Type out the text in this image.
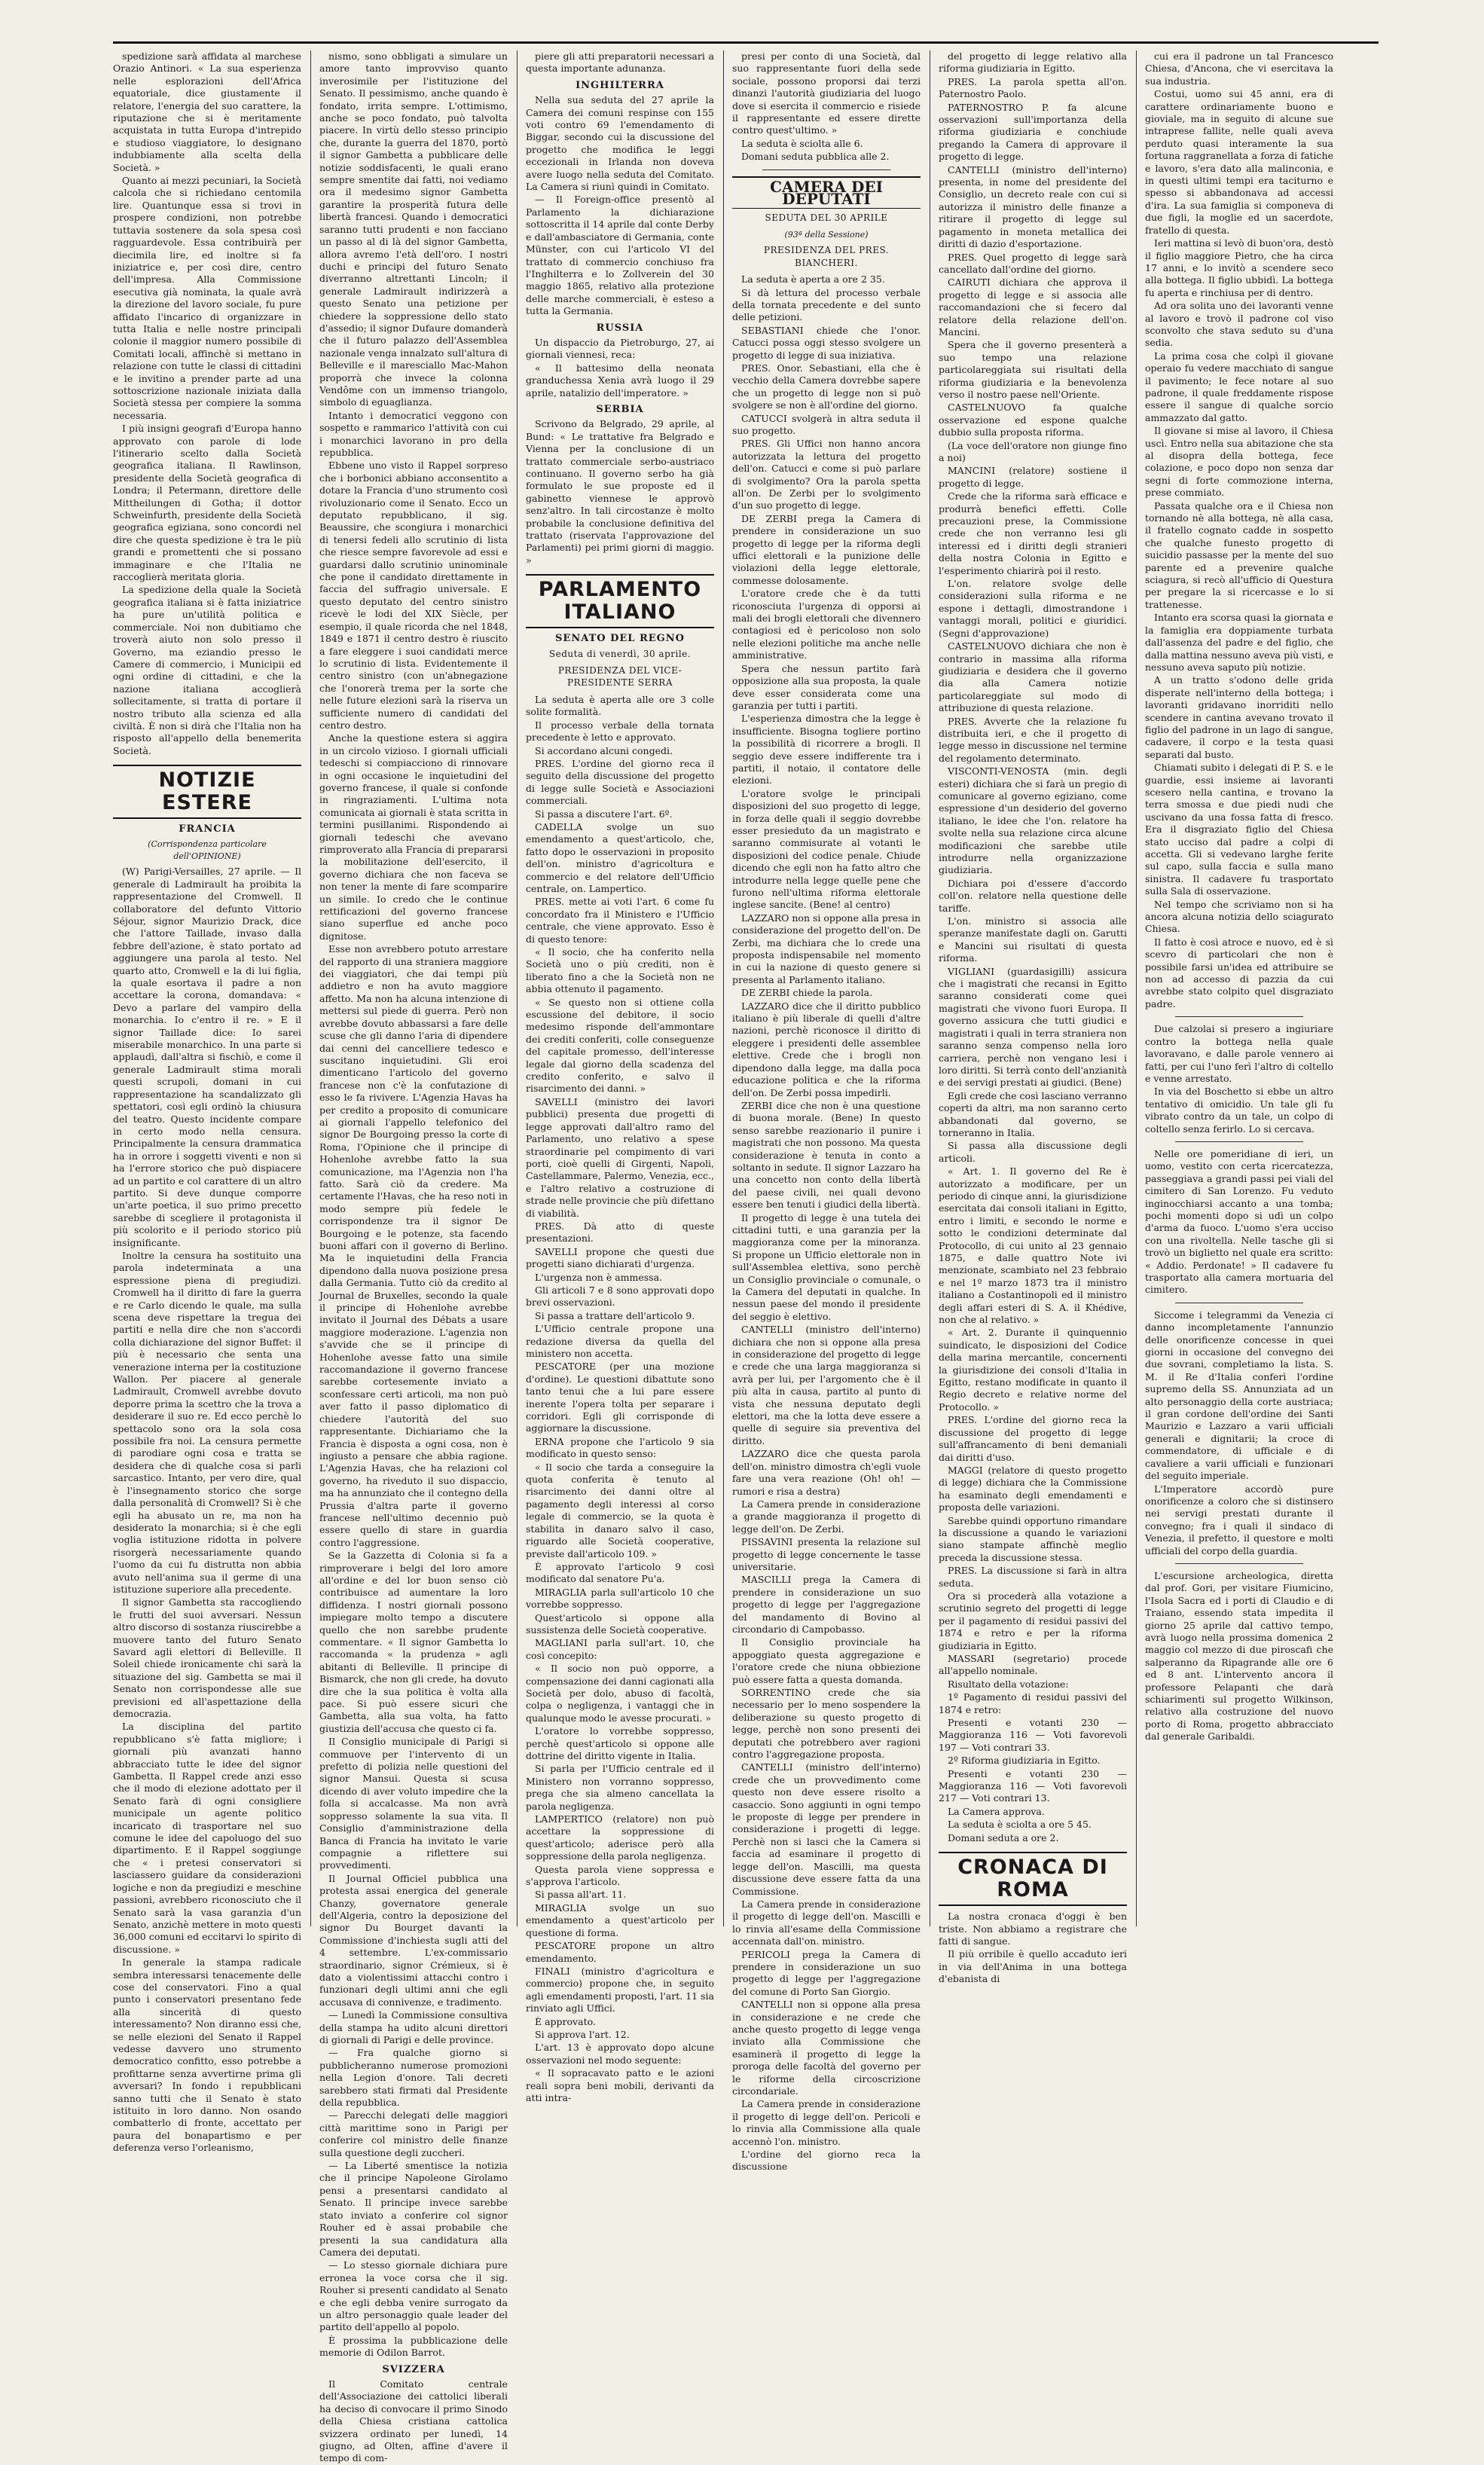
spedizione sarà affidata al marchese Orazio Antinori. « La sua esperienza nelle esplorazioni dell'Africa equatoriale, dice giustamente il relatore, l'energia del suo carattere, la riputazione che si è meritamente acquistata in tutta Europa d'intrepido e studioso viaggiatore, lo designano indubbiamente alla scelta della Società. »

Quanto ai mezzi pecuniari, la Società calcola che si richiedano centomila lire. Quantunque essa si trovi in prospere condizioni, non potrebbe tuttavia sostenere da sola spesa così ragguardevole. Essa contribuirà per diecimila lire, ed inoltre si fa iniziatrice e, per così dire, centro dell'impresa. Alla Commissione esecutiva già nominata, la quale avrà la direzione del lavoro sociale, fu pure affidato l'incarico di organizzare in tutta Italia e nelle nostre principali colonie il maggior numero possibile di Comitati locali, affinchè si mettano in relazione con tutte le classi di cittadini e le invitino a prender parte ad una sottoscrizione nazionale iniziata dalla Società stessa per compiere la somma necessaria.

I più insigni geografi d'Europa hanno approvato con parole di lode l'itinerario scelto dalla Società geografica italiana. Il Rawlinson, presidente della Società geografica di Londra; il Petermann, direttore delle Mittheilungen di Gotha; il dottor Schweinfurth, presidente della Società geografica egiziana, sono concordi nel dire che questa spedizione è tra le più grandi e promettenti che si possano immaginare e che l'Italia ne raccoglierà meritata gloria.

La spedizione della quale la Società geografica italiana si è fatta iniziatrice ha pure un'utilità politica e commerciale. Noi non dubitiamo che troverà aiuto non solo presso il Governo, ma eziandio presso le Camere di commercio, i Municipii ed ogni ordine di cittadini, e che la nazione italiana accoglierà sollecitamente, si tratta di portare il nostro tributo alla scienza ed alla civiltà. È non si dirà che l'Italia non ha risposto all'appello della benemerita Società.

NOTIZIE ESTERE
FRANCIA
(Corrispondenza particolare dell'OPINIONE)

(W) Parigi-Versailles, 27 aprile. — Il generale di Ladmirault ha proibita la rappresentazione del Cromwell. Il collaboratore del defunto Vittorio Séjour, signor Maurizio Drack, dice che l'attore Taillade, invaso dalla febbre dell'azione, è stato portato ad aggiungere una parola al testo. Nel quarto atto, Cromwell e la di lui figlia, la quale esortava il padre a non accettare la corona, domandava: « Devo a parlare del vampiro della monarchia. Io c'entro il re. » E il signor Taillade dice: Io sarei miserabile monarchico. In una parte si applaudì, dall'altra si fischiò, e come il generale Ladmirault stima morali questi scrupoli, domani in cui rappresentazione ha scandalizzato gli spettatori, così egli ordinò la chiusura del teatro. Questo incidente compare in certo modo nella censura. Principalmente la censura drammatica ha in orrore i soggetti viventi e non si ha l'errore storico che può dispiacere ad un partito e col carattere di un altro partito. Si deve dunque comporre un'arte poetica, il suo primo precetto sarebbe di scegliere il protagonista il più scolorito e il periodo storico più insignificante.

Inoltre la censura ha sostituito una parola indeterminata a una espressione piena di pregiudizi. Cromwell ha il diritto di fare la guerra e re Carlo dicendo le quale, ma sulla scena deve rispettare la tregua dei partiti e nella dire che non s'accordi colla dichiarazione del signor Buffet: il più è necessario che senta una venerazione interna per la costituzione Wallon. Per piacere al generale Ladmirault, Cromwell avrebbe dovuto deporre prima la scettro che la trova a desiderare il suo re. Ed ecco perchè lo spettacolo sono ora la sola cosa possibile fra noi. La censura permette di parodiare ogni cosa e tratta se desidera che di qualche cosa si parli sarcastico. Intanto, per vero dire, qual è l'insegnamento storico che sorge dalla personalità di Cromwell? Si è che egli ha abusato un re, ma non ha desiderato la monarchia; si è che egli voglia istituzione ridotta in polvere risorgerà necessariamente quando l'uomo da cui fu distrutta non abbia avuto nell'anima sua il germe di una istituzione superiore alla precedente.

Il signor Gambetta sta raccogliendo le frutti del suoi avversari. Nessun altro discorso di sostanza riuscirebbe a muovere tanto del futuro Senato Savard agli elettori di Belleville. Il Soleil chiede ironicamente chi sarà la situazione del sig. Gambetta se mai il Senato non corrispondesse alle sue previsioni ed all'aspettazione della democrazia.

La disciplina del partito repubblicano s'è fatta migliore; i giornali più avanzati hanno abbracciato tutte le idee del signor Gambetta. Il Rappel crede anzi esso che il modo di elezione adottato per il Senato farà di ogni consigliere municipale un agente politico incaricato di trasportare nel suo comune le idee del capoluogo del suo dipartimento. E il Rappel soggiunge che « i pretesi conservatori si lasciassero guidare da considerazioni logiche e non da pregiudizi e meschine passioni, avrebbero riconosciuto che il Senato sarà la vasa garanzia d'un Senato, anzichè mettere in moto questi 36,000 comuni ed eccitarvi lo spirito di discussione. »

In generale la stampa radicale sembra interessarsi tenacemente delle cose del conservatori. Fino a qual punto i conservatori presentano fede alla sincerità di questo interessamento? Non diranno essi che, se nelle elezioni del Senato il Rappel vedesse davvero uno strumento democratico confitto, esso potrebbe a profittarne senza avvertirne prima gli avversari? In fondo i repubblicani sanno tutti che il Senato è stato istituito in loro danno. Non osando combatterlo di fronte, accettato per paura del bonapartismo e per deferenza verso l'orleanismo,

nismo, sono obbligati a simulare un amore tanto improvviso quanto inverosimile per l'istituzione del Senato. Il pessimismo, anche quando è fondato, irrita sempre. L'ottimismo, anche se poco fondato, può talvolta piacere. In virtù dello stesso principio che, durante la guerra del 1870, portò il signor Gambetta a pubblicare delle notizie soddisfacenti, le quali erano sempre smentite dai fatti, noi vediamo ora il medesimo signor Gambetta garantire la prosperità futura delle libertà francesi. Quando i democratici saranno tutti prudenti e non facciano un passo al di là del signor Gambetta, allora avremo l'età dell'oro. I nostri duchi e principi del futuro Senato diverranno altrettanti Lincoln; il generale Ladmirault indirizzerà a questo Senato una petizione per chiedere la soppressione dello stato d'assedio; il signor Dufaure domanderà che il futuro palazzo dell'Assemblea nazionale venga innalzato sull'altura di Belleville e il maresciallo Mac-Mahon proporrà che invece la colonna Vendôme con un immenso triangolo, simbolo di eguaglianza.

Intanto i democratici veggono con sospetto e rammarico l'attività con cui i monarchici lavorano in pro della repubblica.

Ebbene uno visto il Rappel sorpreso che i borbonici abbiano acconsentito a dotare la Francia d'uno strumento così rivoluzionario come il Senato. Ecco un deputato repubblicano, il sig. Beaussire, che scongiura i monarchici di tenersi fedeli allo scrutinio di lista che riesce sempre favorevole ad essi e guardarsi dallo scrutinio uninominale che pone il candidato direttamente in faccia del suffragio universale. E questo deputato del centro sinistro ricevè le lodi del XIX Siècle, per esempio, il quale ricorda che nel 1848, 1849 e 1871 il centro destro è riuscito a fare eleggere i suoi candidati merce lo scrutinio di lista. Evidentemente il centro sinistro (con un'abnegazione che l'onorerà trema per la sorte che nelle future elezioni sarà la riserva un sufficiente numero di candidati del centro destro.

Anche la questione estera si aggira in un circolo vizioso. I giornali ufficiali tedeschi si compiacciono di rinnovare in ogni occasione le inquietudini del governo francese, il quale si confonde in ringraziamenti. L'ultima nota comunicata ai giornali è stata scritta in termini pusillanimi. Rispondendo ai giornali tedeschi che avevano rimproverato alla Francia di prepararsi la mobilitazione dell'esercito, il governo dichiara che non faceva se non tener la mente di fare scomparire un simile. Io credo che le continue rettificazioni del governo francese siano superflue ed anche poco dignitose.

Esse non avrebbero potuto arrestare del rapporto di una straniera maggiore dei viaggiatori, che dai tempi più addietro e non ha avuto maggiore affetto. Ma non ha alcuna intenzione di mettersi sul piede di guerra. Però non avrebbe dovuto abbassarsi a fare delle scuse che gli danno l'aria di dipendere dai cenni del cancelliere tedesco e suscitano inquietudini. Gli eroi dimenticano l'articolo del governo francese non c'è la confutazione di esso le fa rivivere. L'Agenzia Havas ha per credito a proposito di comunicare ai giornali l'appello telefonico del signor De Bourgoing presso la corte di Roma, l'Opinione che il principe di Hohenlohe avrebbe fatto la sua comunicazione, ma l'Agenzia non l'ha fatto. Sarà ciò da credere. Ma certamente l'Havas, che ha reso noti in modo sempre più fedele le corrispondenze tra il signor De Bourgoing e le potenze, sta facendo buoni affari con il governo di Berlino. Ma le inquietudini della Francia dipendono dalla nuova posizione presa dalla Germania. Tutto ciò da credito al Journal de Bruxelles, secondo la quale il principe di Hohenlohe avrebbe invitato il Journal des Débats a usare maggiore moderazione. L'agenzia non s'avvide che se il principe di Hohenlohe avesse fatto una simile raccomandazione il governo francese sarebbe cortesemente inviato a sconfessare certi articoli, ma non può aver fatto il passo diplomatico di chiedere l'autorità del suo rappresentante. Dichiariamo che la Francia è disposta a ogni cosa, non è ingiusto a pensare che abbia ragione. L'Agenzia Havas, che ha relazioni col governo, ha riveduto il suo dispaccio, ma ha annunziato che il contegno della Prussia d'altra parte il governo francese nell'ultimo decennio può essere quello di stare in guardia contro l'aggressione.

Se la Gazzetta di Colonia si fa a rimproverare i belgi del loro amore all'ordine e del lor buon senso ciò contribuisce ad aumentare la loro diffidenza. I nostri giornali possono impiegare molto tempo a discutere quello che non sarebbe prudente commentare. « Il signor Gambetta lo raccomanda « la prudenza » agli abitanti di Belleville. Il principe di Bismarck, che non gli crede, ha dovuto dire che la sua politica è volta alla pace. Si può essere sicuri che Gambetta, alla sua volta, ha fatto giustizia dell'accusa che questo ci fa.

Il Consiglio municipale di Parigi si commuove per l'intervento di un prefetto di polizia nelle questioni del signor Mansui. Questa si scusa dicendo di aver voluto impedire che la folla si accalcasse. Ma non avrà soppresso solamente la sua vita. Il Consiglio d'amministrazione della Banca di Francia ha invitato le varie compagnie a riflettere sui provvedimenti.

Il Journal Officiel pubblica una protesta assai energica del generale Chanzy, governatore generale dell'Algeria, contro la deposizione del signor Du Bourget davanti la Commissione d'inchiesta sugli atti del 4 settembre. L'ex-commissario straordinario, signor Crémieux, si è dato a violentissimi attacchi contro i funzionari degli ultimi anni che egli accusava di connivenze, e tradimento.

— Lunedì la Commissione consultiva della stampa ha udito alcuni direttori di giornali di Parigi e delle province.

— Fra qualche giorno si pubblicheranno numerose promozioni nella Legion d'onore. Tali decreti sarebbero stati firmati dal Presidente della repubblica.

— Parecchi delegati delle maggiori città marittime sono in Parigi per conferire col ministro delle finanze sulla questione degli zuccheri.

— La Liberté smentisce la notizia che il principe Napoleone Girolamo pensi a presentarsi candidato al Senato. Il principe invece sarebbe stato inviato a conferire col signor Rouher ed è assai probabile che presenti la sua candidatura alla Camera dei deputati.

— Lo stesso giornale dichiara pure erronea la voce corsa che il sig. Rouher si presenti candidato al Senato e che egli debba venire surrogato da un altro personaggio quale leader del partito dell'appello al popolo.

È prossima la pubblicazione delle memorie di Odilon Barrot.

SVIZZERA

Il Comitato centrale dell'Associazione dei cattolici liberali ha deciso di convocare il primo Sinodo della Chiesa cristiana cattolica svizzera ordinato per lunedì, 14 giugno, ad Olten, affine d'avere il tempo di com-

piere gli atti preparatorii necessari a questa importante adunanza.

INGHILTERRA

Nella sua seduta del 27 aprile la Camera dei comuni respinse con 155 voti contro 69 l'emendamento di Biggar, secondo cui la discussione del progetto che modifica le leggi eccezionali in Irlanda non doveva avere luogo nella seduta del Comitato. La Camera si riunì quindi in Comitato.

— Il Foreign-office presentò al Parlamento la dichiarazione sottoscritta il 14 aprile dal conte Derby e dall'ambasciatore di Germania, conte Münster, con cui l'articolo VI del trattato di commercio conchiuso fra l'Inghilterra e lo Zollverein del 30 maggio 1865, relativo alla protezione delle marche commerciali, è esteso a tutta la Germania.

RUSSIA

Un dispaccio da Pietroburgo, 27, ai giornali viennesi, reca:

« Il battesimo della neonata granduchessa Xenia avrà luogo il 29 aprile, natalizio dell'imperatore. »

SERBIA

Scrivono da Belgrado, 29 aprile, al Bund: « Le trattative fra Belgrado e Vienna per la conclusione di un trattato commerciale serbo-austriaco continuano. Il governo serbo ha già formulato le sue proposte ed il gabinetto viennese le approvò senz'altro. In tali circostanze è molto probabile la conclusione definitiva del trattato (riservata l'approvazione del Parlamenti) pei primi giorni di maggio. »

PARLAMENTO ITALIANO
SENATO DEL REGNO
Seduta di venerdì, 30 aprile.
PRESIDENZA DEL VICE-PRESIDENTE SERRA

La seduta è aperta alle ore 3 colle solite formalità.

Il processo verbale della tornata precedente è letto e approvato.

Si accordano alcuni congedi.

PRES. L'ordine del giorno reca il seguito della discussione del progetto di legge sulle Società e Associazioni commerciali.

Si passa a discutere l'art. 6º.

CADELLA svolge un suo emendamento a quest'articolo, che, fatto dopo le osservazioni in proposito dell'on. ministro d'agricoltura e commercio e del relatore dell'Ufficio centrale, on. Lampertico.

PRES. mette ai voti l'art. 6 come fu concordato fra il Ministero e l'Ufficio centrale, che viene approvato. Esso è di questo tenore:

« Il socio, che ha conferito nella Società uno o più crediti, non è liberato fino a che la Società non ne abbia ottenuto il pagamento.

« Se questo non si ottiene colla escussione del debitore, il socio medesimo risponde dell'ammontare dei crediti conferiti, colle conseguenze del capitale promesso, dell'interesse legale dal giorno della scadenza del credito conferito, e salvo il risarcimento dei danni. »

SAVELLI (ministro dei lavori pubblici) presenta due progetti di legge approvati dall'altro ramo del Parlamento, uno relativo a spese straordinarie pel compimento di vari porti, cioè quelli di Girgenti, Napoli, Castellammare, Palermo, Venezia, ecc., e l'altro relativo a costruzione di strade nelle provincie che più difettano di viabilità.

PRES. Dà atto di queste presentazioni.

SAVELLI propone che questi due progetti siano dichiarati d'urgenza.

L'urgenza non è ammessa.

Gli articoli 7 e 8 sono approvati dopo brevi osservazioni.

Si passa a trattare dell'articolo 9.

L'Ufficio centrale propone una redazione diversa da quella del ministero non accetta.

PESCATORE (per una mozione d'ordine). Le questioni dibattute sono tanto tenui che a lui pare essere inerente l'opera tolta per separare i corridori. Egli gli corrisponde di aggiornare la discussione.

ERNA propone che l'articolo 9 sia modificato in questo senso:

« Il socio che tarda a conseguire la quota conferita è tenuto al risarcimento dei danni oltre al pagamento degli interessi al corso legale di commercio, se la quota è stabilita in danaro salvo il caso, riguardo alle Società cooperative, previste dall'articolo 109. »

È approvato l'articolo 9 così modificato dal senatore Pu'a.

MIRAGLIA parla sull'articolo 10 che vorrebbe soppresso.

Quest'articolo si oppone alla sussistenza delle Società cooperative.

MAGLIANI parla sull'art. 10, che così concepito:

« Il socio non può opporre, a compensazione dei danni cagionati alla Società per dolo, abuso di facoltà, colpa o negligenza, i vantaggi che in qualunque modo le avesse procurati. »

L'oratore lo vorrebbe soppresso, perchè quest'articolo si oppone alle dottrine del diritto vigente in Italia.

Si parla per l'Ufficio centrale ed il Ministero non vorranno soppresso, prega che sia almeno cancellata la parola negligenza.

LAMPERTICO (relatore) non può accettare la soppressione di quest'articolo; aderisce però alla soppressione della parola negligenza.

Questa parola viene soppressa e s'approva l'articolo.

Si passa all'art. 11.

MIRAGLIA svolge un suo emendamento a quest'articolo per questione di forma.

PESCATORE propone un altro emendamento.

FINALI (ministro d'agricoltura e commercio) propone che, in seguito agli emendamenti proposti, l'art. 11 sia rinviato agli Uffici.

È approvato.

Si approva l'art. 12.

L'art. 13 è approvato dopo alcune osservazioni nel modo seguente:

« Il sopracavato patto e le azioni reali sopra beni mobili, derivanti da atti intra-

presi per conto di una Società, dal suo rappresentante fuori della sede sociale, possono proporsi dai terzi dinanzi l'autorità giudiziaria del luogo dove si esercita il commercio e risiede il rappresentante ed essere dirette contro quest'ultimo. »

La seduta è sciolta alle 6.

Domani seduta pubblica alle 2.

CAMERA DEI DEPUTATI
SEDUTA DEL 30 APRILE
(93ª della Sessione)
PRESIDENZA DEL PRES. BIANCHERI.

La seduta è aperta a ore 2 35.

Si dà lettura del processo verbale della tornata precedente e del sunto delle petizioni.

SEBASTIANI chiede che l'onor. Catucci possa oggi stesso svolgere un progetto di legge di sua iniziativa.

PRES. Onor. Sebastiani, ella che è vecchio della Camera dovrebbe sapere che un progetto di legge non si può svolgere se non è all'ordine del giorno.

CATUCCI svolgerà in altra seduta il suo progetto.

PRES. Gli Uffici non hanno ancora autorizzata la lettura del progetto dell'on. Catucci e come si può parlare di svolgimento? Ora la parola spetta all'on. De Zerbi per lo svolgimento d'un suo progetto di legge.

DE ZERBI prega la Camera di prendere in considerazione un suo progetto di legge per la riforma degli uffici elettorali e la punizione delle violazioni della legge elettorale, commesse dolosamente.

L'oratore crede che è da tutti riconosciuta l'urgenza di opporsi ai mali dei brogli elettorali che divennero contagiosi ed è pericoloso non solo nelle elezioni politiche ma anche nelle amministrative.

Spera che nessun partito farà opposizione alla sua proposta, la quale deve esser considerata come una garanzia per tutti i partiti.

L'esperienza dimostra che la legge è insufficiente. Bisogna togliere portino la possibilità di ricorrere a brogli. Il seggio deve essere indifferente tra i partiti, il notaio, il contatore delle elezioni.

L'oratore svolge le principali disposizioni del suo progetto di legge, in forza delle quali il seggio dovrebbe esser presieduto da un magistrato e saranno commisurate al votanti le disposizioni del codice penale. Chiude dicendo che egli non ha fatto altro che introdurre nella legge quelle pene che furono nell'ultima riforma elettorale inglese sancite. (Bene! al centro)

LAZZARO non si oppone alla presa in considerazione del progetto dell'on. De Zerbi, ma dichiara che lo crede una proposta indispensabile nel momento in cui la nazione di questo genere si presenta al Parlamento italiano.

DE ZERBI chiede la parola.

LAZZARO dice che il diritto pubblico italiano è più liberale di quelli d'altre nazioni, perchè riconosce il diritto di eleggere i presidenti delle assemblee elettive. Crede che i brogli non dipendono dalla legge, ma dalla poca educazione politica e che la riforma dell'on. De Zerbi possa impedirli.

ZERBI dice che non è una questione di buona morale. (Bene) In questo senso sarebbe reazionario il punire i magistrati che non possono. Ma questa considerazione è tenuta in conto a soltanto in sedute. Il signor Lazzaro ha una concetto non conto della libertà del paese civili, nei quali devono essere ben tenuti i giudici della libertà.

Il progetto di legge è una tutela dei cittadini tutti, e una garanzia per la maggioranza come per la minoranza. Si propone un Ufficio elettorale non in sull'Assemblea elettiva, sono perchè un Consiglio provinciale o comunale, o la Camera del deputati in qualche. In nessun paese del mondo il presidente del seggio è elettivo.

CANTELLI (ministro dell'interno) dichiara che non si oppone alla presa in considerazione del progetto di legge e crede che una larga maggioranza si avrà per lui, per l'argomento che è il più alta in causa, partito al punto di vista che nessuna deputato degli elettori, ma che la lotta deve essere a quelle di seguire sia preventiva del diritto.

LAZZARO dice che questa parola dell'on. ministro dimostra ch'egli vuole fare una vera reazione (Oh! oh! — rumori e risa a destra)

La Camera prende in considerazione a grande maggioranza il progetto di legge dell'on. De Zerbi.

PISSAVINI presenta la relazione sul progetto di legge concernente le tasse universitarie.

MASCILLI prega la Camera di prendere in considerazione un suo progetto di legge per l'aggregazione del mandamento di Bovino al circondario di Campobasso.

Il Consiglio provinciale ha appoggiato questa aggregazione e l'oratore crede che niuna obbiezione può essere fatta a questa domanda.

SORRENTINO crede che sia necessario per lo meno sospendere la deliberazione su questo progetto di legge, perchè non sono presenti dei deputati che potrebbero aver ragioni contro l'aggregazione proposta.

CANTELLI (ministro dell'interno) crede che un provvedimento come questo non deve essere risolto a casaccio. Sono aggiunti in ogni tempo le proposte di legge per prendere in considerazione i progetti di legge. Perchè non si lasci che la Camera si faccia ad esaminare il progetto di legge dell'on. Mascilli, ma questa discussione deve essere fatta da una Commissione.

La Camera prende in considerazione il progetto di legge dell'on. Mascilli e lo rinvia all'esame della Commissione accennata dall'on. ministro.

PERICOLI prega la Camera di prendere in considerazione un suo progetto di legge per l'aggregazione del comune di Porto San Giorgio.

CANTELLI non si oppone alla presa in considerazione e ne crede che anche questo progetto di legge venga inviato alla Commissione che esaminerà il progetto di legge la proroga delle facoltà del governo per le riforme della circoscrizione circondariale.

La Camera prende in considerazione il progetto di legge dell'on. Pericoli e lo rinvia alla Commissione alla quale accennò l'on. ministro.

L'ordine del giorno reca la discussione

del progetto di legge relativo alla riforma giudiziaria in Egitto.

PRES. La parola spetta all'on. Paternostro Paolo.

PATERNOSTRO P. fa alcune osservazioni sull'importanza della riforma giudiziaria e conchiude pregando la Camera di approvare il progetto di legge.

CANTELLI (ministro dell'interno) presenta, in nome del presidente del Consiglio, un decreto reale con cui si autorizza il ministro delle finanze a ritirare il progetto di legge sul pagamento in moneta metallica dei diritti di dazio d'esportazione.

PRES. Quel progetto di legge sarà cancellato dall'ordine del giorno.

CAIRUTI dichiara che approva il progetto di legge e si associa alle raccomandazioni che si fecero dal relatore della relazione dell'on. Mancini.

Spera che il governo presenterà a suo tempo una relazione particolareggiata sui risultati della riforma giudiziaria e la benevolenza verso il nostro paese nell'Oriente.

CASTELNUOVO fa qualche osservazione ed espone qualche dubbio sulla proposta riforma.

(La voce dell'oratore non giunge fino a noi)

MANCINI (relatore) sostiene il progetto di legge.

Crede che la riforma sarà efficace e produrrà benefici effetti. Colle precauzioni prese, la Commissione crede che non verranno lesi gli interessi ed i diritti degli stranieri della nostra Colonia in Egitto e l'esperimento chiarirà poi il resto.

L'on. relatore svolge delle considerazioni sulla riforma e ne espone i dettagli, dimostrandone i vantaggi morali, politici e giuridici. (Segni d'approvazione)

CASTELNUOVO dichiara che non è contrario in massima alla riforma giudiziaria e desidera che il governo dia alla Camera notizie particolareggiate sul modo di attribuzione di questa relazione.

PRES. Avverte che la relazione fu distribuita ieri, e che il progetto di legge messo in discussione nel termine del regolamento determinato.

VISCONTI-VENOSTA (min. degli esteri) dichiara che si farà un pregio di comunicare al governo egiziano, come espressione d'un desiderio del governo italiano, le idee che l'on. relatore ha svolte nella sua relazione circa alcune modificazioni che sarebbe utile introdurre nella organizzazione giudiziaria.

Dichiara poi d'essere d'accordo coll'on. relatore nella questione delle tariffe.

L'on. ministro si associa alle speranze manifestate dagli on. Garutti e Mancini sui risultati di questa riforma.

VIGLIANI (guardasigilli) assicura che i magistrati che recansi in Egitto saranno considerati come quei magistrati che vivono fuori Europa. Il governo assicura che tutti giudici e magistrati i quali in terra straniera non saranno senza compenso nella loro carriera, perchè non vengano lesi i loro diritti. Si terrà conto dell'anzianità e dei servigi prestati ai giudici. (Bene)

Egli crede che così lasciano verranno coperti da altri, ma non saranno certo abbandonati dal governo, se torneranno in Italia.

Si passa alla discussione degli articoli.

« Art. 1. Il governo del Re è autorizzato a modificare, per un periodo di cinque anni, la giurisdizione esercitata dai consoli italiani in Egitto, entro i limiti, e secondo le norme e sotto le condizioni determinate dal Protocollo, di cui unito al 23 gennaio 1875, e dalle quattro Note ivi menzionate, scambiato nel 23 febbraio e nel 1º marzo 1873 tra il ministro italiano a Costantinopoli ed il ministro degli affari esteri di S. A. il Khédive, non che al relativo. »

« Art. 2. Durante il quinquennio suindicato, le disposizioni del Codice della marina mercantile, concernenti la giurisdizione dei consoli d'Italia in Egitto, restano modificate in quanto il Regio decreto e relative norme del Protocollo. »

PRES. L'ordine del giorno reca la discussione del progetto di legge sull'affrancamento di beni demaniali dai diritti d'uso.

MAGGI (relatore di questo progetto di legge) dichiara che la Commissione ha esaminato degli emendamenti e proposta delle variazioni.

Sarebbe quindi opportuno rimandare la discussione a quando le variazioni siano stampate affinchè meglio preceda la discussione stessa.

PRES. La discussione si farà in altra seduta.

Ora si procederà alla votazione a scrutinio segreto del progetti di legge per il pagamento di residui passivi del 1874 e retro e per la riforma giudiziaria in Egitto.

MASSARI (segretario) procede all'appello nominale.

Risultato della votazione:

1º Pagamento di residui passivi del 1874 e retro:

Presenti e votanti 230 — Maggioranza 116 — Voti favorevoli 197 — Voti contrari 33.

2º Riforma giudiziaria in Egitto.

Presenti e votanti 230 — Maggioranza 116 — Voti favorevoli 217 — Voti contrari 13.

La Camera approva.

La seduta è sciolta a ore 5 45.

Domani seduta a ore 2.

CRONACA DI ROMA

La nostra cronaca d'oggi è ben triste. Non abbiamo a registrare che fatti di sangue.

Il più orribile è quello accaduto ieri in via dell'Anima in una bottega d'ebanista di

cui era il padrone un tal Francesco Chiesa, d'Ancona, che vi esercitava la sua industria.

Costui, uomo sui 45 anni, era di carattere ordinariamente buono e gioviale, ma in seguito di alcune sue intraprese fallite, nelle quali aveva perduto quasi interamente la sua fortuna raggranellata a forza di fatiche e lavoro, s'era dato alla malinconia, e in questi ultimi tempi era taciturno e spesso si abbandonava ad accessi d'ira. La sua famiglia si componeva di due figli, la moglie ed un sacerdote, fratello di questa.

Ieri mattina si levò di buon'ora, destò il figlio maggiore Pietro, che ha circa 17 anni, e lo invitò a scendere seco alla bottega. Il figlio ubbidì. La bottega fu aperta e rinchiusa per di dentro.

Ad ora solita uno dei lavoranti venne al lavoro e trovò il padrone col viso sconvolto che stava seduto su d'una sedia.

La prima cosa che colpì il giovane operaio fu vedere macchiato di sangue il pavimento; le fece notare al suo padrone, il quale freddamente rispose essere il sangue di qualche sorcio ammazzato dal gatto.

Il giovane si mise al lavoro, il Chiesa uscì. Entro nella sua abitazione che sta al disopra della bottega, fece colazione, e poco dopo non senza dar segni di forte commozione interna, prese commiato.

Passata qualche ora e il Chiesa non tornando nè alla bottega, nè alla casa, il fratello cognato cadde in sospetto che qualche funesto progetto di suicidio passasse per la mente del suo parente ed a prevenire qualche sciagura, si recò all'ufficio di Questura per pregare la si ricercasse e lo si trattenesse.

Intanto era scorsa quasi la giornata e la famiglia era doppiamente turbata dall'assenza del padre e del figlio, che dalla mattina nessuno aveva più visti, e nessuno aveva saputo più notizie.

A un tratto s'odono delle grida disperate nell'interno della bottega; i lavoranti gridavano inorriditi nello scendere in cantina avevano trovato il figlio del padrone in un lago di sangue, cadavere, il corpo e la testa quasi separati dal busto.

Chiamati subito i delegati di P. S. e le guardie, essi insieme ai lavoranti scesero nella cantina, e trovano la terra smossa e due piedi nudi che uscivano da una fossa fatta di fresco. Era il disgraziato figlio del Chiesa stato ucciso dal padre a colpi di accetta. Gli si vedevano larghe ferite sul capo, sulla faccia e sulla mano sinistra. Il cadavere fu trasportato sulla Sala di osservazione.

Nel tempo che scriviamo non si ha ancora alcuna notizia dello sciagurato Chiesa.

Il fatto è così atroce e nuovo, ed è sì scevro di particolari che non è possibile farsi un'idea ed attribuire se non ad accesso di pazzia da cui avrebbe stato colpito quel disgraziato padre.

Due calzolai si presero a ingiuriare contro la bottega nella quale lavoravano, e dalle parole vennero ai fatti, per cui l'uno ferì l'altro di coltello e venne arrestato.

In via del Boschetto si ebbe un altro tentativo di omicidio. Un tale gli fu vibrato contro da un tale, un colpo di coltello senza ferirlo. Lo si cercava.

Nelle ore pomeridiane di ieri, un uomo, vestito con certa ricercatezza, passeggiava a grandi passi pei viali del cimitero di San Lorenzo. Fu veduto inginocchiarsi accanto a una tomba; pochi momenti dopo si udì un colpo d'arma da fuoco. L'uomo s'era ucciso con una rivoltella. Nelle tasche gli si trovò un biglietto nel quale era scritto: « Addio. Perdonate! » Il cadavere fu trasportato alla camera mortuaria del cimitero.

Siccome i telegrammi da Venezia ci danno incompletamente l'annunzio delle onorificenze concesse in quei giorni in occasione del convegno dei due sovrani, completiamo la lista. S. M. il Re d'Italia conferì l'ordine supremo della SS. Annunziata ad un alto personaggio della corte austriaca; il gran cordone dell'ordine dei Santi Maurizio e Lazzaro a varii ufficiali generali e dignitarii; la croce di commendatore, di ufficiale e di cavaliere a varii ufficiali e funzionari del seguito imperiale.

L'Imperatore accordò pure onorificenze a coloro che si distinsero nei servigi prestati durante il convegno; fra i quali il sindaco di Venezia, il prefetto, il questore e molti ufficiali del corpo della guardia.

L'escursione archeologica, diretta dal prof. Gori, per visitare Fiumicino, l'Isola Sacra ed i porti di Claudio e di Traiano, essendo stata impedita il giorno 25 aprile dal cattivo tempo, avrà luogo nella prossima domenica 2 maggio col mezzo di due piroscafi che salperanno da Ripagrande alle ore 6 ed 8 ant. L'intervento ancora il professore Pelapanti che darà schiarimenti sul progetto Wilkinson, relativo alla costruzione del nuovo porto di Roma, progetto abbracciato dal generale Garibaldi.
